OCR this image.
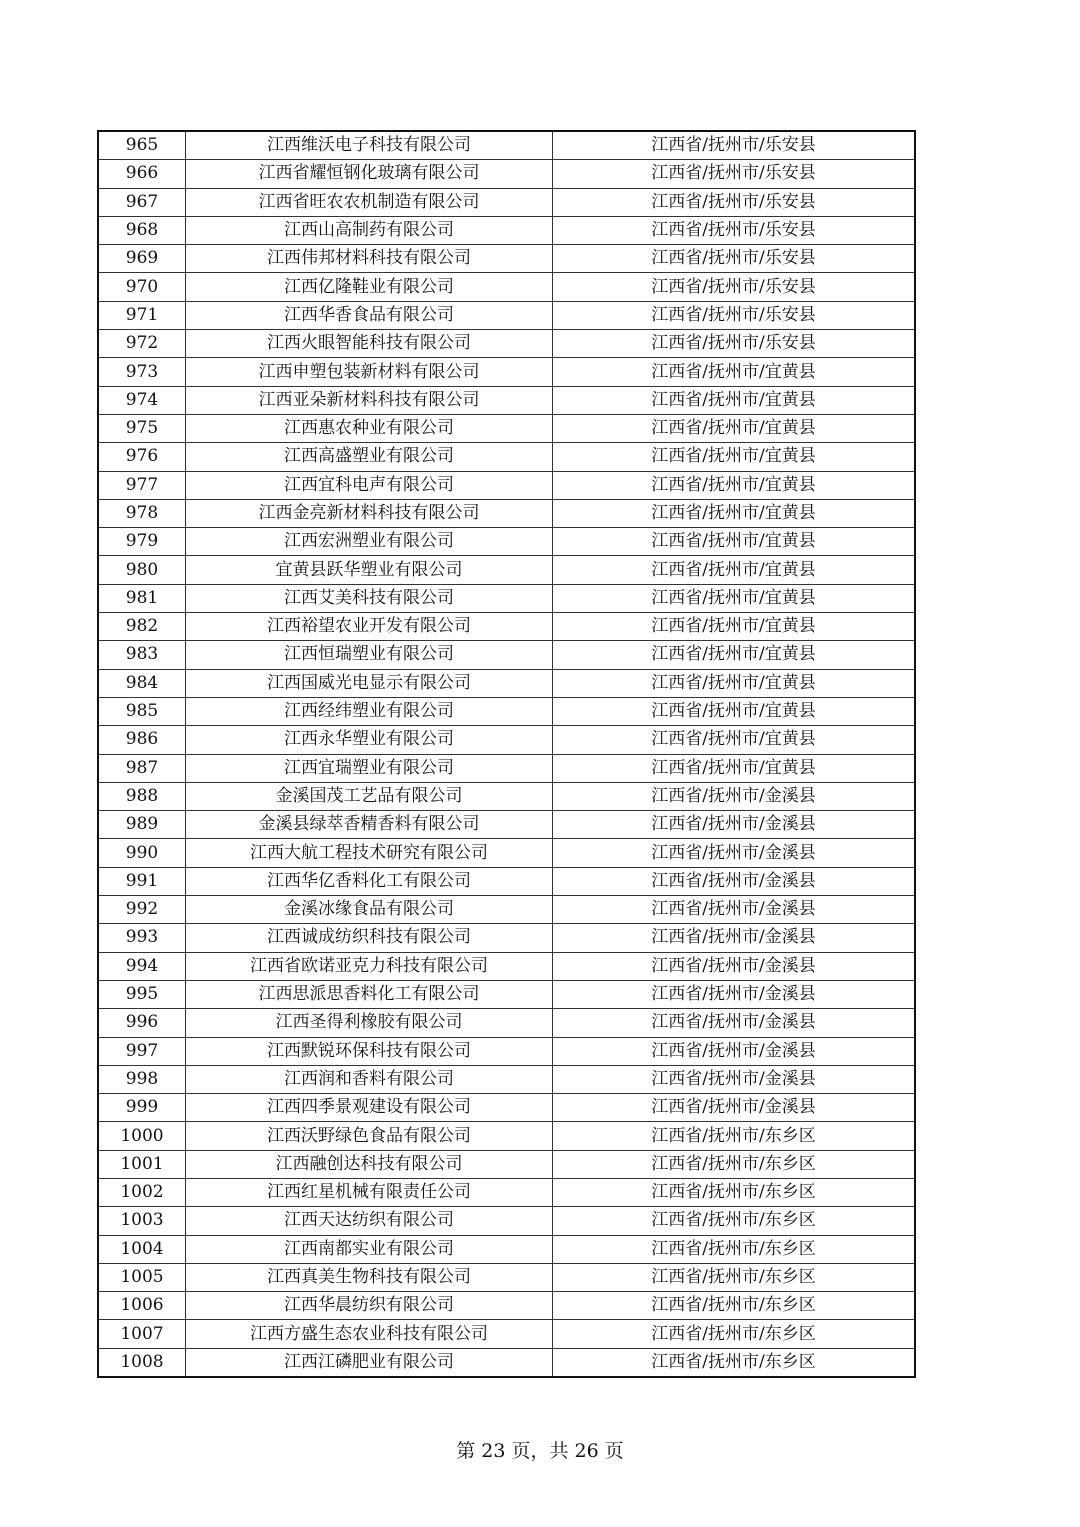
965	江西维沃电子科技有限公司	江西省/抚州市/乐安县
966	江西省耀恒钢化玻璃有限公司	江西省/抚州市/乐安县
967	江西省旺农农机制造有限公司	江西省/抚州市/乐安县
968	江西山高制药有限公司	江西省/抚州市/乐安县
969	江西伟邦材料科技有限公司	江西省/抚州市/乐安县
970	江西亿隆鞋业有限公司	江西省/抚州市/乐安县
971	江西华香食品有限公司	江西省/抚州市/乐安县
972	江西火眼智能科技有限公司	江西省/抚州市/乐安县
973	江西申塑包装新材料有限公司	江西省/抚州市/宜黄县
974	江西亚朵新材料科技有限公司	江西省/抚州市/宜黄县
975	江西惠农种业有限公司	江西省/抚州市/宜黄县
976	江西高盛塑业有限公司	江西省/抚州市/宜黄县
977	江西宜科电声有限公司	江西省/抚州市/宜黄县
978	江西金亮新材料科技有限公司	江西省/抚州市/宜黄县
979	江西宏洲塑业有限公司	江西省/抚州市/宜黄县
980	宜黄县跃华塑业有限公司	江西省/抚州市/宜黄县
981	江西艾美科技有限公司	江西省/抚州市/宜黄县
982	江西裕望农业开发有限公司	江西省/抚州市/宜黄县
983	江西恒瑞塑业有限公司	江西省/抚州市/宜黄县
984	江西国威光电显示有限公司	江西省/抚州市/宜黄县
985	江西经纬塑业有限公司	江西省/抚州市/宜黄县
986	江西永华塑业有限公司	江西省/抚州市/宜黄县
987	江西宜瑞塑业有限公司	江西省/抚州市/宜黄县
988	金溪国茂工艺品有限公司	江西省/抚州市/金溪县
989	金溪县绿萃香精香料有限公司	江西省/抚州市/金溪县
990	江西大航工程技术研究有限公司	江西省/抚州市/金溪县
991	江西华亿香料化工有限公司	江西省/抚州市/金溪县
992	金溪冰缘食品有限公司	江西省/抚州市/金溪县
993	江西诚成纺织科技有限公司	江西省/抚州市/金溪县
994	江西省欧诺亚克力科技有限公司	江西省/抚州市/金溪县
995	江西思派思香料化工有限公司	江西省/抚州市/金溪县
996	江西圣得利橡胶有限公司	江西省/抚州市/金溪县
997	江西默锐环保科技有限公司	江西省/抚州市/金溪县
998	江西润和香料有限公司	江西省/抚州市/金溪县
999	江西四季景观建设有限公司	江西省/抚州市/金溪县
1000	江西沃野绿色食品有限公司	江西省/抚州市/东乡区
1001	江西融创达科技有限公司	江西省/抚州市/东乡区
1002	江西红星机械有限责任公司	江西省/抚州市/东乡区
1003	江西天达纺织有限公司	江西省/抚州市/东乡区
1004	江西南都实业有限公司	江西省/抚州市/东乡区
1005	江西真美生物科技有限公司	江西省/抚州市/东乡区
1006	江西华晨纺织有限公司	江西省/抚州市/东乡区
1007	江西方盛生态农业科技有限公司	江西省/抚州市/东乡区
1008	江西江磷肥业有限公司	江西省/抚州市/东乡区
第 23 页，共 26 页
